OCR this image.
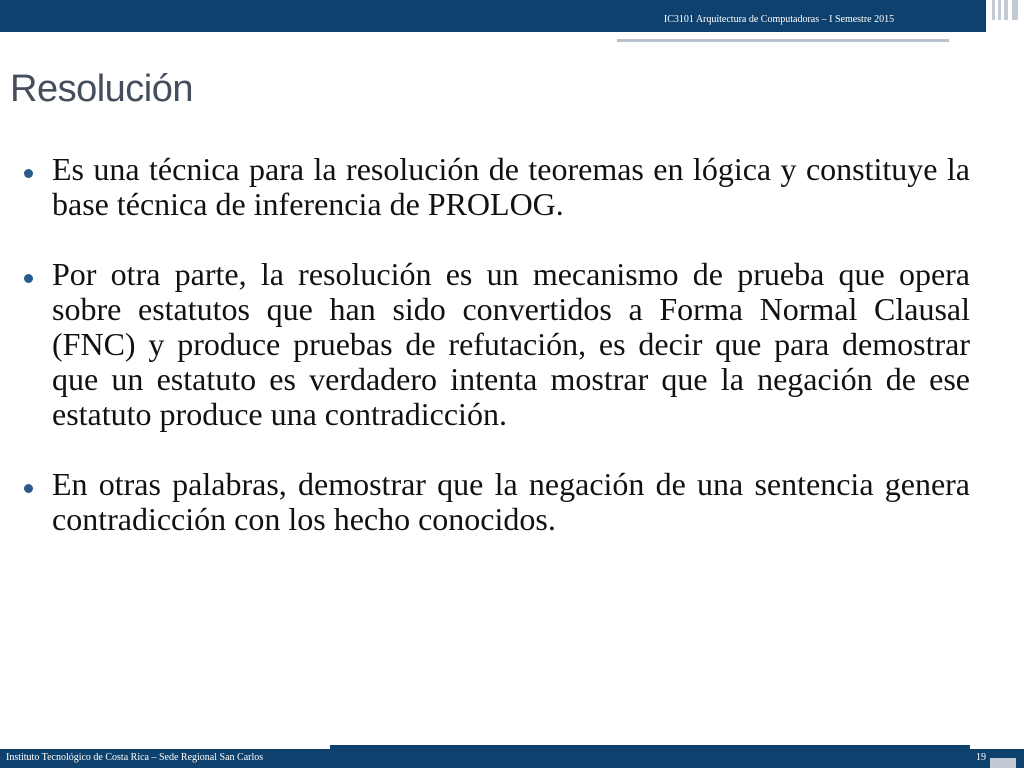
IC3101 Arquitectura de Computadoras – I Semestre 2015
Resolución
Es una técnica para la resolución de teoremas en lógica y constituye la base técnica de inferencia de PROLOG.
Por otra parte, la resolución es un mecanismo de prueba que opera sobre estatutos que han sido convertidos a Forma Normal Clausal (FNC) y produce pruebas de refutación, es decir que para demostrar que un estatuto es verdadero intenta mostrar que la negación de ese estatuto produce una contradicción.
En otras palabras, demostrar que la negación de una sentencia genera contradicción con los hecho conocidos.
Instituto Tecnológico de Costa Rica – Sede Regional San Carlos	19
